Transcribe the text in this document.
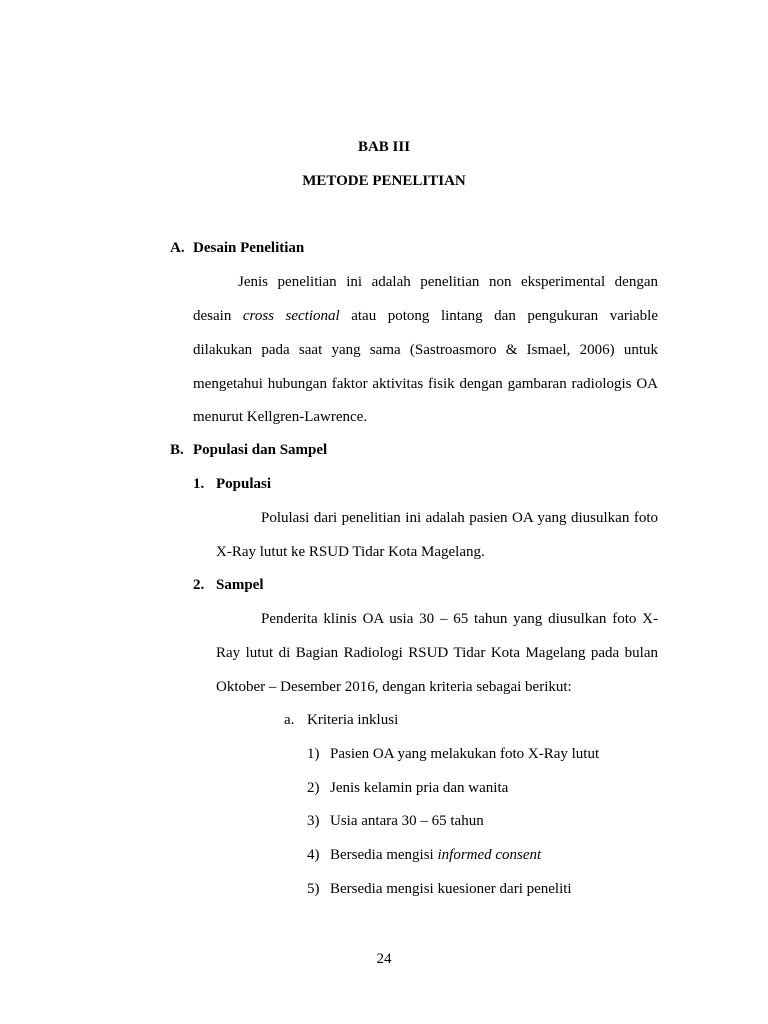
BAB III
METODE PENELITIAN
A. Desain Penelitian
Jenis penelitian ini adalah penelitian non eksperimental dengan
desain cross sectional atau potong lintang dan pengukuran variable
dilakukan pada saat yang sama (Sastroasmoro & Ismael, 2006) untuk
mengetahui hubungan faktor aktivitas fisik dengan gambaran radiologis OA
menurut Kellgren-Lawrence.
B. Populasi dan Sampel
1. Populasi
Polulasi dari penelitian ini adalah pasien OA yang diusulkan foto
X-Ray lutut ke RSUD Tidar Kota Magelang.
2. Sampel
Penderita klinis OA usia 30 – 65 tahun yang diusulkan foto X-
Ray lutut di Bagian Radiologi RSUD Tidar Kota Magelang pada bulan
Oktober – Desember 2016, dengan kriteria sebagai berikut:
a. Kriteria inklusi
1) Pasien OA yang melakukan foto X-Ray lutut
2) Jenis kelamin pria dan wanita
3) Usia antara 30 – 65 tahun
4) Bersedia mengisi informed consent
5) Bersedia mengisi kuesioner dari peneliti
24
